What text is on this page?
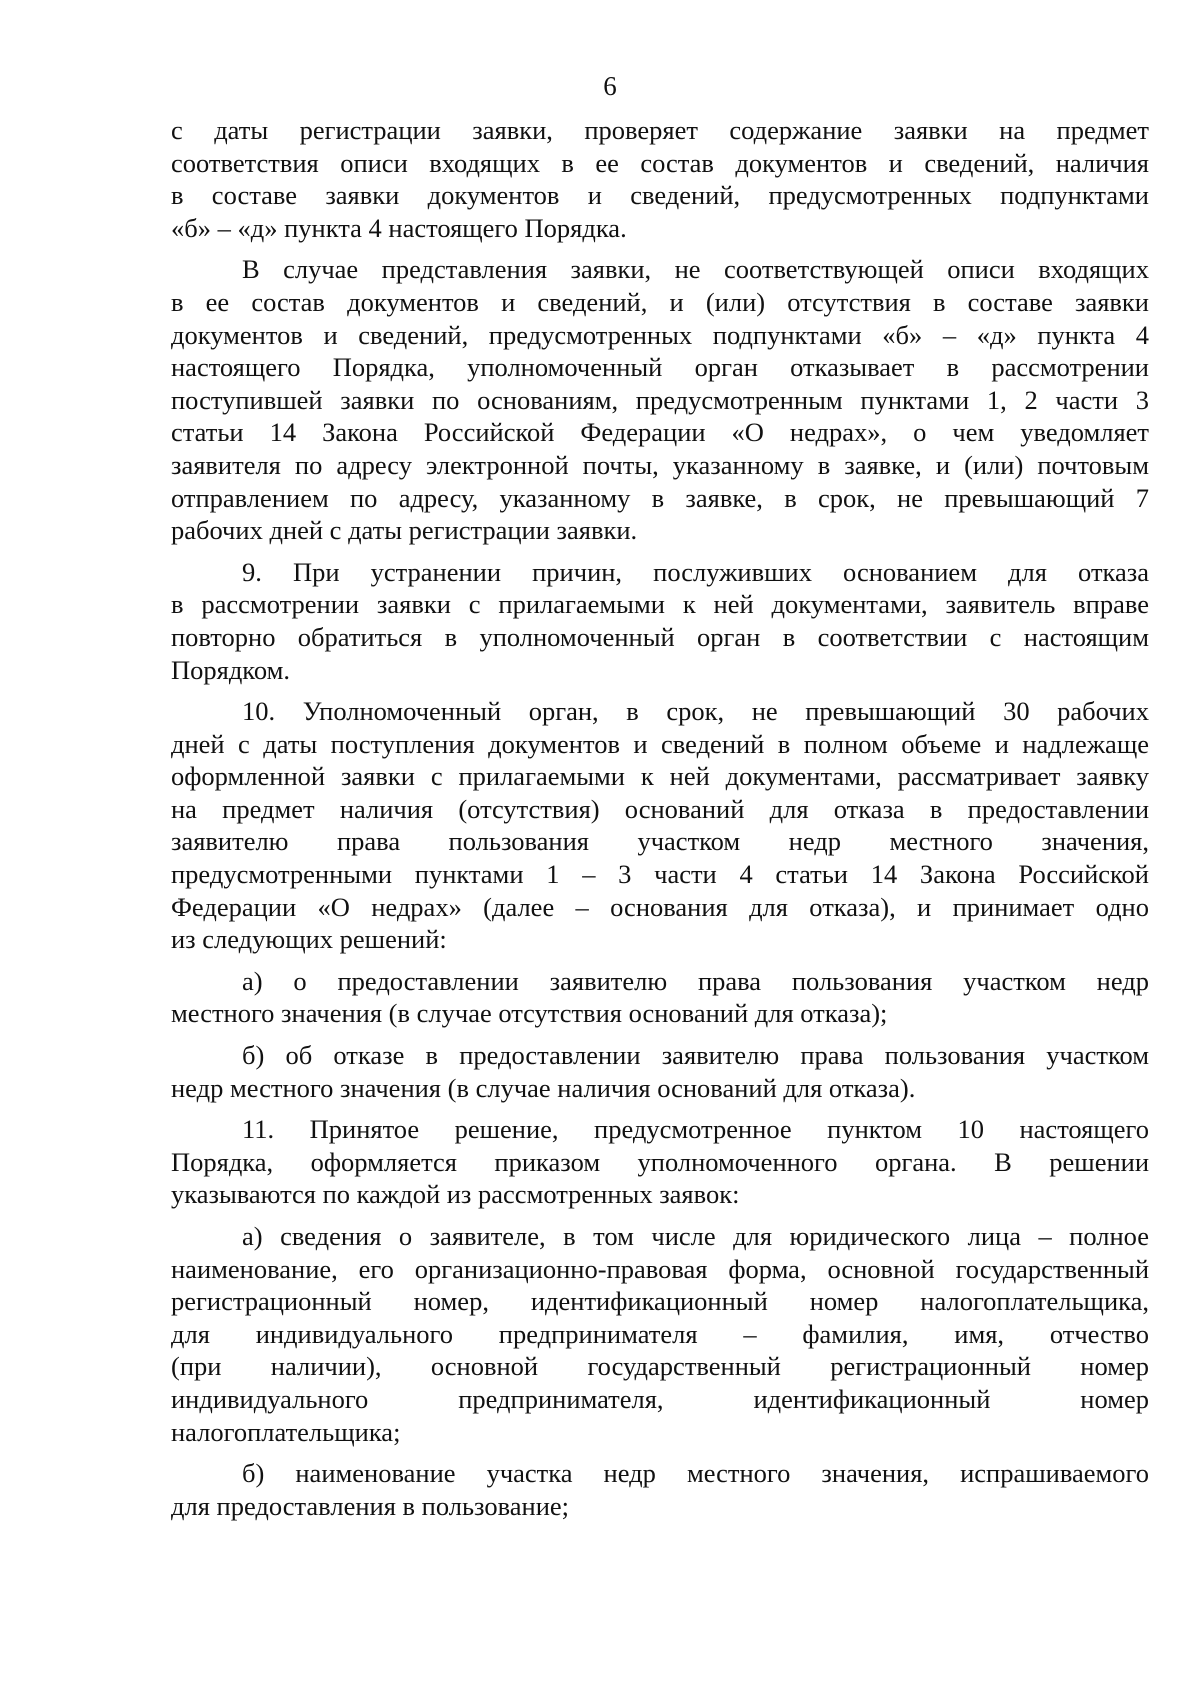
6

с даты регистрации заявки, проверяет содержание заявки на предмет
соответствия описи входящих в ее состав документов и сведений, наличия
в составе заявки документов и сведений, предусмотренных подпунктами
«б» – «д» пункта 4 настоящего Порядка.

В случае представления заявки, не соответствующей описи входящих
в ее состав документов и сведений, и (или) отсутствия в составе заявки
документов и сведений, предусмотренных подпунктами «б» – «д» пункта 4
настоящего Порядка, уполномоченный орган отказывает в рассмотрении
поступившей заявки по основаниям, предусмотренным пунктами 1, 2 части 3
статьи 14 Закона Российской Федерации «О недрах», о чем уведомляет
заявителя по адресу электронной почты, указанному в заявке, и (или) почтовым
отправлением по адресу, указанному в заявке, в срок, не превышающий 7
рабочих дней с даты регистрации заявки.

9. При устранении причин, послуживших основанием для отказа
в рассмотрении заявки с прилагаемыми к ней документами, заявитель вправе
повторно обратиться в уполномоченный орган в соответствии с настоящим
Порядком.

10. Уполномоченный орган, в срок, не превышающий 30 рабочих
дней с даты поступления документов и сведений в полном объеме и надлежаще
оформленной заявки с прилагаемыми к ней документами, рассматривает заявку
на предмет наличия (отсутствия) оснований для отказа в предоставлении
заявителю права пользования участком недр местного значения,
предусмотренными пунктами 1 – 3 части 4 статьи 14 Закона Российской
Федерации «О недрах» (далее – основания для отказа), и принимает одно
из следующих решений:

а) о предоставлении заявителю права пользования участком недр
местного значения (в случае отсутствия оснований для отказа);

б) об отказе в предоставлении заявителю права пользования участком
недр местного значения (в случае наличия оснований для отказа).

11. Принятое решение, предусмотренное пунктом 10 настоящего
Порядка, оформляется приказом уполномоченного органа. В решении
указываются по каждой из рассмотренных заявок:

а) сведения о заявителе, в том числе для юридического лица – полное
наименование, его организационно-правовая форма, основной государственный
регистрационный номер, идентификационный номер налогоплательщика,
для индивидуального предпринимателя – фамилия, имя, отчество
(при наличии), основной государственный регистрационный номер
индивидуального предпринимателя, идентификационный номер
налогоплательщика;

б) наименование участка недр местного значения, испрашиваемого
для предоставления в пользование;
